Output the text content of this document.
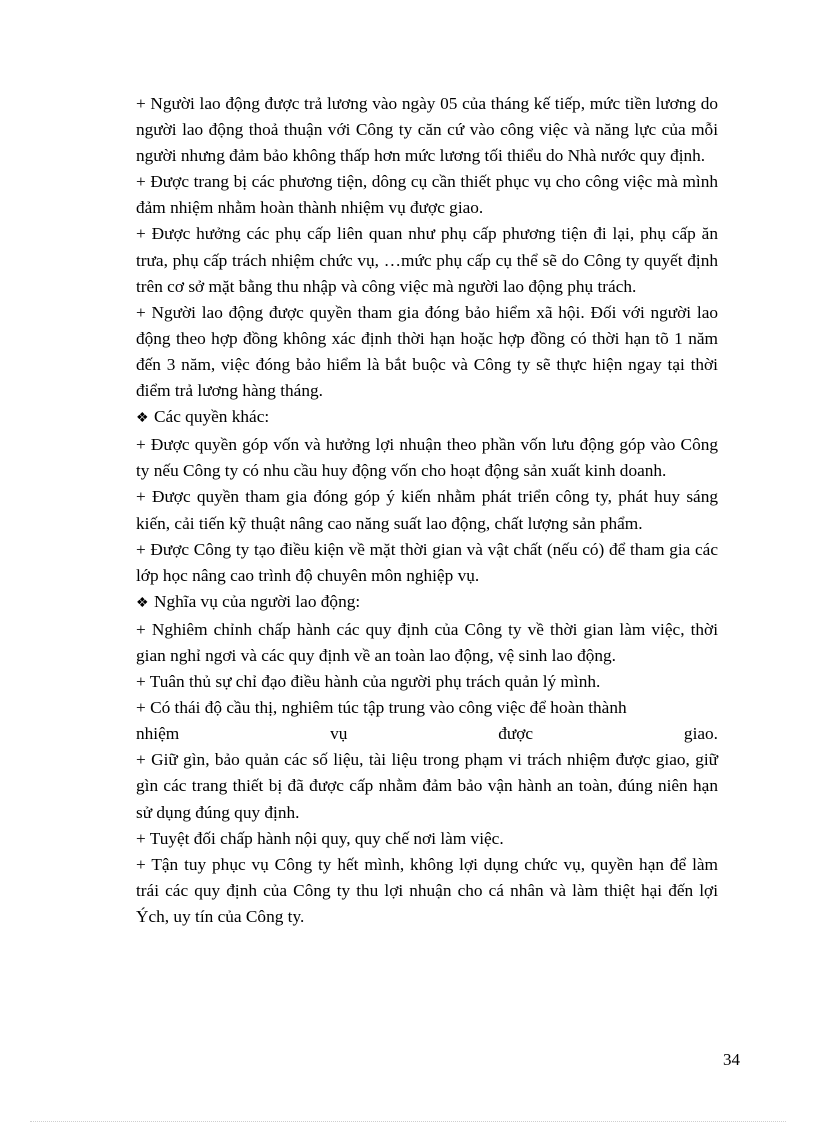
+ Người lao động được trả lương vào ngày 05 của tháng kế tiếp, mức tiền lương do người lao động thoả thuận với Công ty căn cứ vào công việc và năng lực của mỗi người nhưng đảm bảo không thấp hơn mức lương tối thiểu do Nhà nước quy định.

+ Được trang bị các phương tiện, dông cụ cần thiết phục vụ cho công việc mà mình đảm nhiệm nhằm hoàn thành nhiệm vụ được giao.

+ Được hưởng các phụ cấp liên quan như phụ cấp phương tiện đi lại, phụ cấp ăn trưa, phụ cấp trách nhiệm chức vụ, …mức phụ cấp cụ thể sẽ do Công ty quyết định trên cơ sở mặt bằng thu nhập và công việc mà người lao động phụ trách.

+ Người lao động được quyền tham gia đóng bảo hiểm xã hội. Đối với người lao động theo hợp đồng không xác định thời hạn hoặc hợp đồng có thời hạn tõ 1 năm đến 3 năm, việc đóng bảo hiểm là bắt buộc và Công ty sẽ thực hiện ngay tại thời điểm trả lương hàng tháng.

❖ Các quyền khác:

+ Được quyền góp vốn và hưởng lợi nhuận theo phần vốn lưu động góp vào Công ty nếu Công ty có nhu cầu huy động vốn cho hoạt động sản xuất kinh doanh.

+ Được quyền tham gia đóng góp ý kiến nhằm phát triển công ty, phát huy sáng kiến, cải tiến kỹ thuật nâng cao năng suất lao động, chất lượng sản phẩm.

+ Được Công ty tạo điều kiện về mặt thời gian và vật chất (nếu có) để tham gia các lớp học nâng cao trình độ chuyên môn nghiệp vụ.

❖ Nghĩa vụ của người lao động:

+ Nghiêm chỉnh chấp hành các quy định của Công ty về thời gian làm việc, thời gian nghỉ ngơi và các quy định về an toàn lao động, vệ sinh lao động.

+ Tuân thủ sự chỉ đạo điều hành của người phụ trách quản lý mình.

+ Có thái độ cầu thị, nghiêm túc tập trung vào công việc để hoàn thành

nhiệm vụ được giao.

+ Giữ gìn, bảo quản các số liệu, tài liệu trong phạm vi trách nhiệm được giao, giữ gìn các trang thiết bị đã được cấp nhằm đảm bảo vận hành an toàn, đúng niên hạn sử dụng đúng quy định.

+ Tuyệt đối chấp hành nội quy, quy chế nơi làm việc.

+ Tận tuy phục vụ Công ty hết mình, không lợi dụng chức vụ, quyền hạn để làm trái các quy định của Công ty thu lợi nhuận cho cá nhân và làm thiệt hại đến lợi Ých, uy tín của Công ty.

34
